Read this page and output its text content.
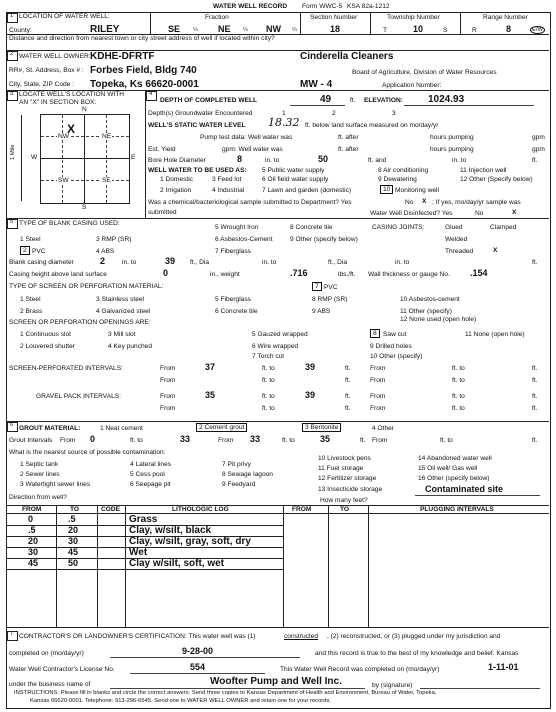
WATER WELL RECORD Form WWC-5 KSA 82a-1212
1 LOCATION OF WATER WELL:
County:	RILEY
Fraction
SE ¼ NE ¼ NW ¼
Section Number
18
Township Number
T	10	S
Range Number
R	8	E/W
Distance and direction from nearest town or city street address of well if located within city?
2 WATER WELL OWNER: KDHE-DFRTF	Cinderella Cleaners
RR#, St. Address, Box # : Forbes Field, Bldg 740	Board of Agriculture, Division of Water Resources
City, State, ZIP Code : Topeka, Ks 66620-0001	MW - 4	Application Number:
3 LOCATE WELL'S LOCATION WITH
AN "X" IN SECTION BOX:
N
S
W	E
NW	NE
SW	SE
X
1 Mile
4
DEPTH OF COMPLETED WELL	49	ft. ELEVATION:	1024.93
Depth(s) Groundwater Encountered	1	2	3
WELL'S STATIC WATER LEVEL 18.32 ft. below land surface measured on mo/day/yr
Pump test data: Well water was	ft. after	hours pumping	gpm
Est. Yield	gpm: Well water was	ft. after	hours pumping	gpm
Bore Hole Diameter	8	in. to	50	ft. and	in. to	ft.
WELL WATER TO BE USED AS: 5 Public water supply	8 Air conditioning	11 Injection well
1 Domestic	3 Feed lot	6 Oil field water supply	9 Dewatering	12 Other (Specify below)
2 Irrigation	4 Industrial	7 Lawn and garden (domestic)	10 Monitoring well
Was a chemical/bacteriological sample submitted to Department? Yes	No X ; If yes, mo/day/yr sample was
submitted	Water Well Disinfected? Yes	No	X
5 TYPE OF BLANK CASING USED:
5 Wrought Iron	8 Concrete tile	CASING JOINTS:	Glued	Clamped
1 Steel	3 RMP (SR)	6 Asbestos-Cement	9 Other (specify below)	Welded
2 PVC	4 ABS	7 Fiberglass	Threaded	X
Blank casing diameter	2	in. to	39 ft., Dia	in. to	ft., Dia	in. to	ft.
Casing height above land surface	0	in., weight	.716	lbs./ft. Wall thickness or gauge No. .154
TYPE OF SCREEN OR PERFORATION MATERIAL:	7 PVC
1 Steel	3 Stainless steel	5 Fiberglass	8 RMP (SR)	10 Asbestos-cement
2 Brass	4 Galvanized steel	6 Concrete tile	9 ABS	11 Other (specify)
12 None used (open hole)
SCREEN OR PERFORATION OPENINGS ARE:
1 Continuous slot	3 Mill slot	5 Gauzed wrapped	8 Saw cut	11 None (open hole)
2 Louvered shutter	4 Key punched	6 Wire wrapped	9 Drilled holes
7 Torch cut	10 Other (specify)
SCREEN-PERFORATED INTERVALS:	From	37	ft. to	39	ft.	From	ft. to	ft.
From	ft. to	ft.	From	ft. to	ft.
GRAVEL PACK INTERVALS:	From	35	ft. to	39	ft.	From	ft. to	ft.
From	ft. to	ft.	From	ft. to	ft.
6 GROUT MATERIAL:	1 Neat cement	2 Cement grout	3 Bentonite	4 Other
Grout Intervals From 0	ft. to	33	From 33	ft. to	35	ft. From	ft. to	ft.
What is the nearest source of possible contamination:
1 Septic tank	4 Lateral lines	7 Pit privy
10 Livestock pens	14 Abandoned water well
2 Sewer lines	5 Cess pool	8 Sewage lagoon
11 Fuel storage	15 Oil well/ Gas well
3 Watertight sewer lines	6 Seepage pit	9 Feedyard
12 Fertilizer storage	16 Other (specify below)
13 Insecticide storage	Contaminated site
Direction from well?	How many feet?
FROM	TO	CODE	LITHOLOGIC LOG	FROM	TO	PLUGGING INTERVALS
0	.5	Grass
.5	20	Clay, w/silt, black
20	30	Clay, w/silt, gray, soft, dry
30	45	Wet
45	50	Clay w/silt, soft, wet
7 CONTRACTOR'S OR LANDOWNER'S CERTIFICATION: This water well was (1)	constructed , (2) reconstructed, or (3) plugged under my jurisdiction and
completed on (mo/day/yr)	9-28-00	and this record is true to the best of my knowledge and belief. Kansas
Water Well Contractor's License No.	554	This Water Well Record was completed on (mo/day/yr)	1-11-01
under the business name of	Woofter Pump and Well Inc.	by (signature)
INSTRUCTIONS: Please fill in blanks and circle the correct answers. Send three copies to Kansas Department of Health and Environment, Bureau of Water, Topeka,
Kansas 66620-0001. Telephone: 913-296-6545. Send one to WATER WELL OWNER and retain one for your records.
